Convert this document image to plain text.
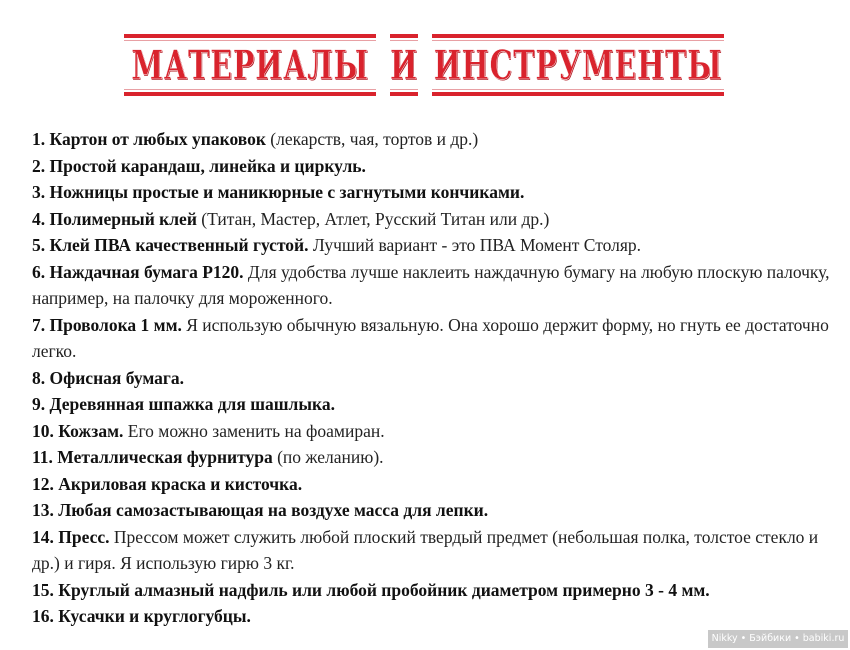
МАТЕРИАЛЫ И ИНСТРУМЕНТЫ

1. Картон от любых упаковок (лекарств, чая, тортов и др.)

2. Простой карандаш, линейка и циркуль.

3. Ножницы простые и маникюрные с загнутыми кончиками.

4. Полимерный клей (Титан, Мастер, Атлет, Русский Титан или др.)

5. Клей ПВА качественный густой. Лучший вариант - это ПВА Момент Столяр.

6. Наждачная бумага Р120. Для удобства лучше наклеить наждачную бумагу на любую плоскую палочку, например, на палочку для мороженного.

7. Проволока 1 мм. Я использую обычную вязальную. Она хорошо держит форму, но гнуть ее достаточно легко.

8. Офисная бумага.

9. Деревянная шпажка для шашлыка.

10. Кожзам. Его можно заменить на фоамиран.

11. Металлическая фурнитура (по желанию).

12. Акриловая краска и кисточка.

13. Любая самозастывающая на воздухе масса для лепки.

14. Пресс. Прессом может служить любой плоский твердый предмет (небольшая полка, толстое стекло и др.) и гиря. Я использую гирю 3 кг.

15. Круглый алмазный надфиль или любой пробойник диаметром примерно 3 - 4 мм.

16. Кусачки и круглогубцы.

Nikky • Бэйбики • babiki.ru
